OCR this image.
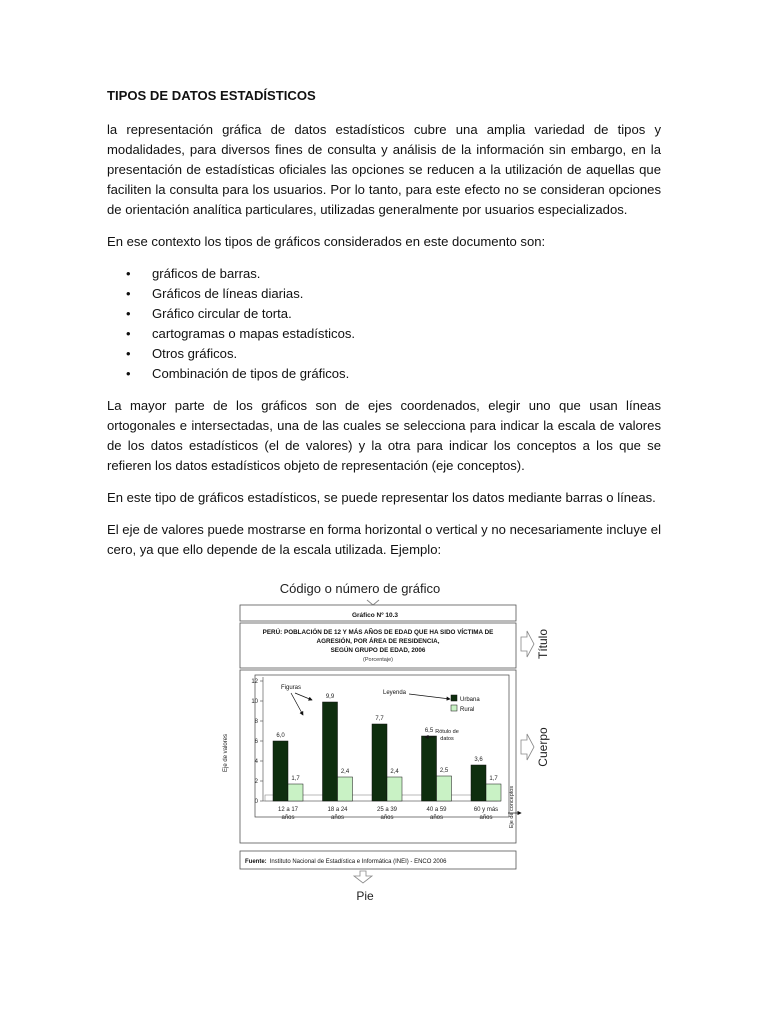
TIPOS DE DATOS ESTADÍSTICOS

la representación gráfica de datos estadísticos cubre una amplia variedad de tipos y modalidades, para diversos fines de consulta y análisis de la información sin embargo, en la presentación de estadísticas oficiales las opciones se reducen a la utilización de aquellas que faciliten la consulta para los usuarios. Por lo tanto, para este efecto no se consideran opciones de orientación analítica particulares, utilizadas generalmente por usuarios especializados.

En ese contexto los tipos de gráficos considerados en este documento son:

• gráficos de barras.
• Gráficos de líneas diarias.
• Gráfico circular de torta.
• cartogramas o mapas estadísticos.
• Otros gráficos.
• Combinación de tipos de gráficos.

La mayor parte de los gráficos son de ejes coordenados, elegir uno que usan líneas ortogonales e intersectadas, una de las cuales se selecciona para indicar la escala de valores de los datos estadísticos (el de valores) y la otra para indicar los conceptos a los que se refieren los datos estadísticos objeto de representación (eje conceptos).

En este tipo de gráficos estadísticos, se puede representar los datos mediante barras o líneas.

El eje de valores puede mostrarse en forma horizontal o vertical y no necesariamente incluye el cero, ya que ello depende de la escala utilizada. Ejemplo:

Código o número de gráfico
Gráfico Nº 10.3
PERÚ: POBLACIÓN DE 12 Y MÁS AÑOS DE EDAD QUE HA SIDO VÍCTIMA DE
AGRESIÓN, POR ÁREA DE RESIDENCIA,
SEGÚN GRUPO DE EDAD, 2006
(Porcentaje)
Título
Cuerpo
Eje de valores
0
2
4
6
8
10
12
6,0
1,7
9,9
2,4
7,7
2,4
6,5
2,5
3,6
1,7
12 a 17
años
18 a 24
años
25 a 39
años
40 a 59
años
60 y más
años
Figuras
Leyenda
Urbana
Rural
Rótulo de
datos
Eje de conceptos
Fuente: Instituto Nacional de Estadística e Informática (INEI) - ENCO 2006
Pie
